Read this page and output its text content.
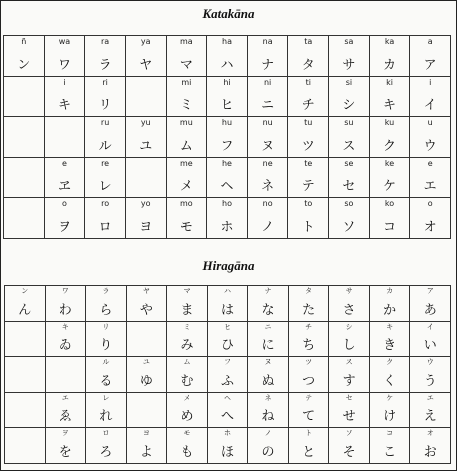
Katakāna
ñ
ン
wa
ワ
ra
ラ
ya
ヤ
ma
マ
ha
ハ
na
ナ
ta
タ
sa
サ
ka
カ
a
ア
i
キ
ri
リ
mi
ミ
hi
ヒ
ni
ニ
ti
チ
si
シ
ki
キ
i
イ
ru
ル
yu
ユ
mu
ム
hu
フ
nu
ヌ
tu
ツ
su
ス
ku
ク
u
ウ
e
ヱ
re
レ
me
メ
he
ヘ
ne
ネ
te
テ
se
セ
ke
ケ
e
エ
o
ヲ
ro
ロ
yo
ヨ
mo
モ
ho
ホ
no
ノ
to
ト
so
ソ
ko
コ
o
オ
Hiragāna
ン
ん
ワ
わ
ラ
ら
ヤ
や
マ
ま
ハ
は
ナ
な
タ
た
サ
さ
カ
か
ア
あ
キ
ゐ
リ
り
ミ
み
ヒ
ひ
ニ
に
チ
ち
シ
し
キ
き
イ
い
ル
る
ユ
ゆ
ム
む
フ
ふ
ヌ
ぬ
ツ
つ
ス
す
ク
く
ウ
う
エ
ゑ
レ
れ
メ
め
ヘ
へ
ネ
ね
テ
て
セ
せ
ケ
け
エ
え
ヲ
を
ロ
ろ
ヨ
よ
モ
も
ホ
ほ
ノ
の
ト
と
ソ
そ
コ
こ
オ
お
